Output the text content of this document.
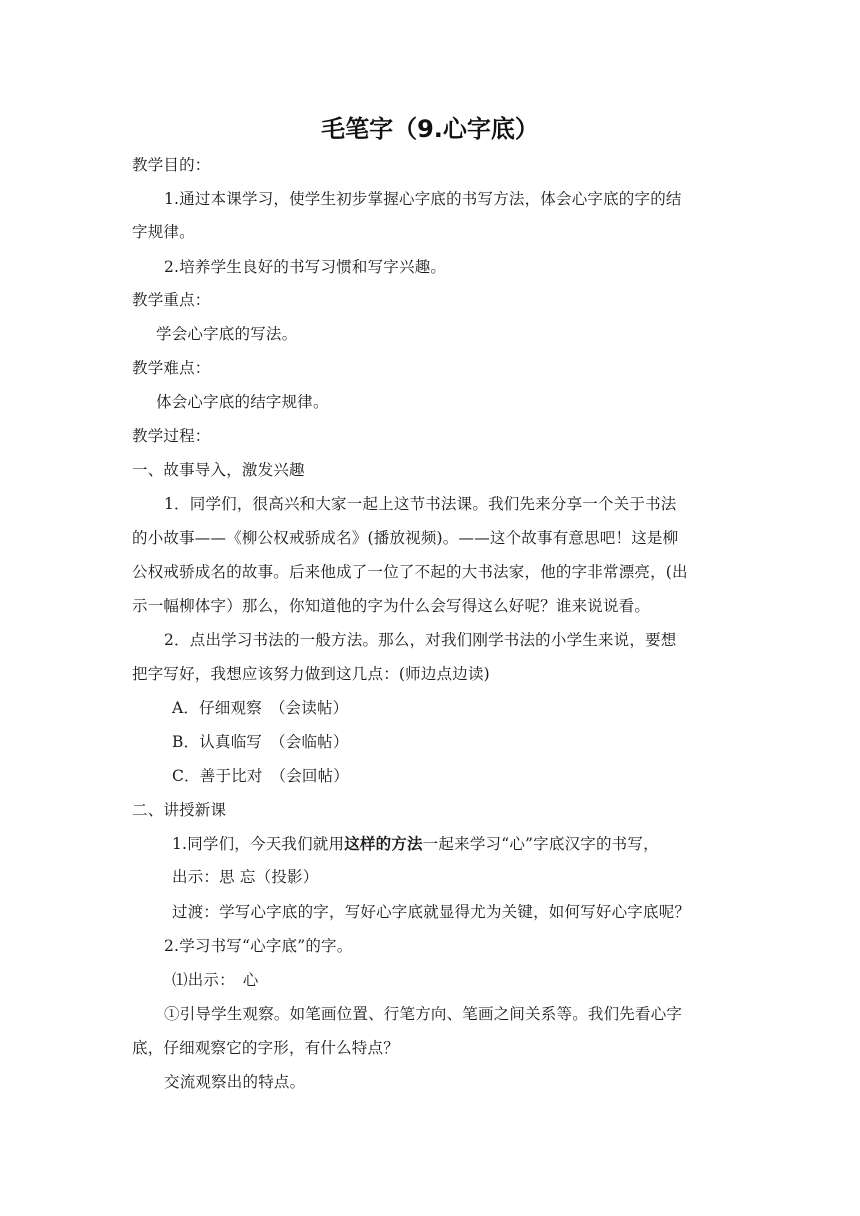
毛笔字（9.心字底）
教学目的：
1.通过本课学习，使学生初步掌握心字底的书写方法，体会心字底的字的结
字规律。
2.培养学生良好的书写习惯和写字兴趣。
教学重点：
学会心字底的写法。
教学难点：
体会心字底的结字规律。
教学过程：
一、故事导入，激发兴趣
1．同学们，很高兴和大家一起上这节书法课。我们先来分享一个关于书法
的小故事——《柳公权戒骄成名》(播放视频)。——这个故事有意思吧！这是柳
公权戒骄成名的故事。后来他成了一位了不起的大书法家，他的字非常漂亮，(出
示一幅柳体字）那么，你知道他的字为什么会写得这么好呢？谁来说说看。
2．点出学习书法的一般方法。那么，对我们刚学书法的小学生来说，要想
把字写好，我想应该努力做到这几点：(师边点边读)
A．仔细观察　（会读帖）
B．认真临写　（会临帖）
C．善于比对　（会回帖）
二、讲授新课
1.同学们，今天我们就用这样的方法一起来学习“心”字底汉字的书写，
出示：思 忘（投影）
过渡：学写心字底的字，写好心字底就显得尤为关键，如何写好心字底呢？
2.学习书写“心字底”的字。
⑴出示：　心
①引导学生观察。如笔画位置、行笔方向、笔画之间关系等。我们先看心字
底，仔细观察它的字形，有什么特点？
交流观察出的特点。
